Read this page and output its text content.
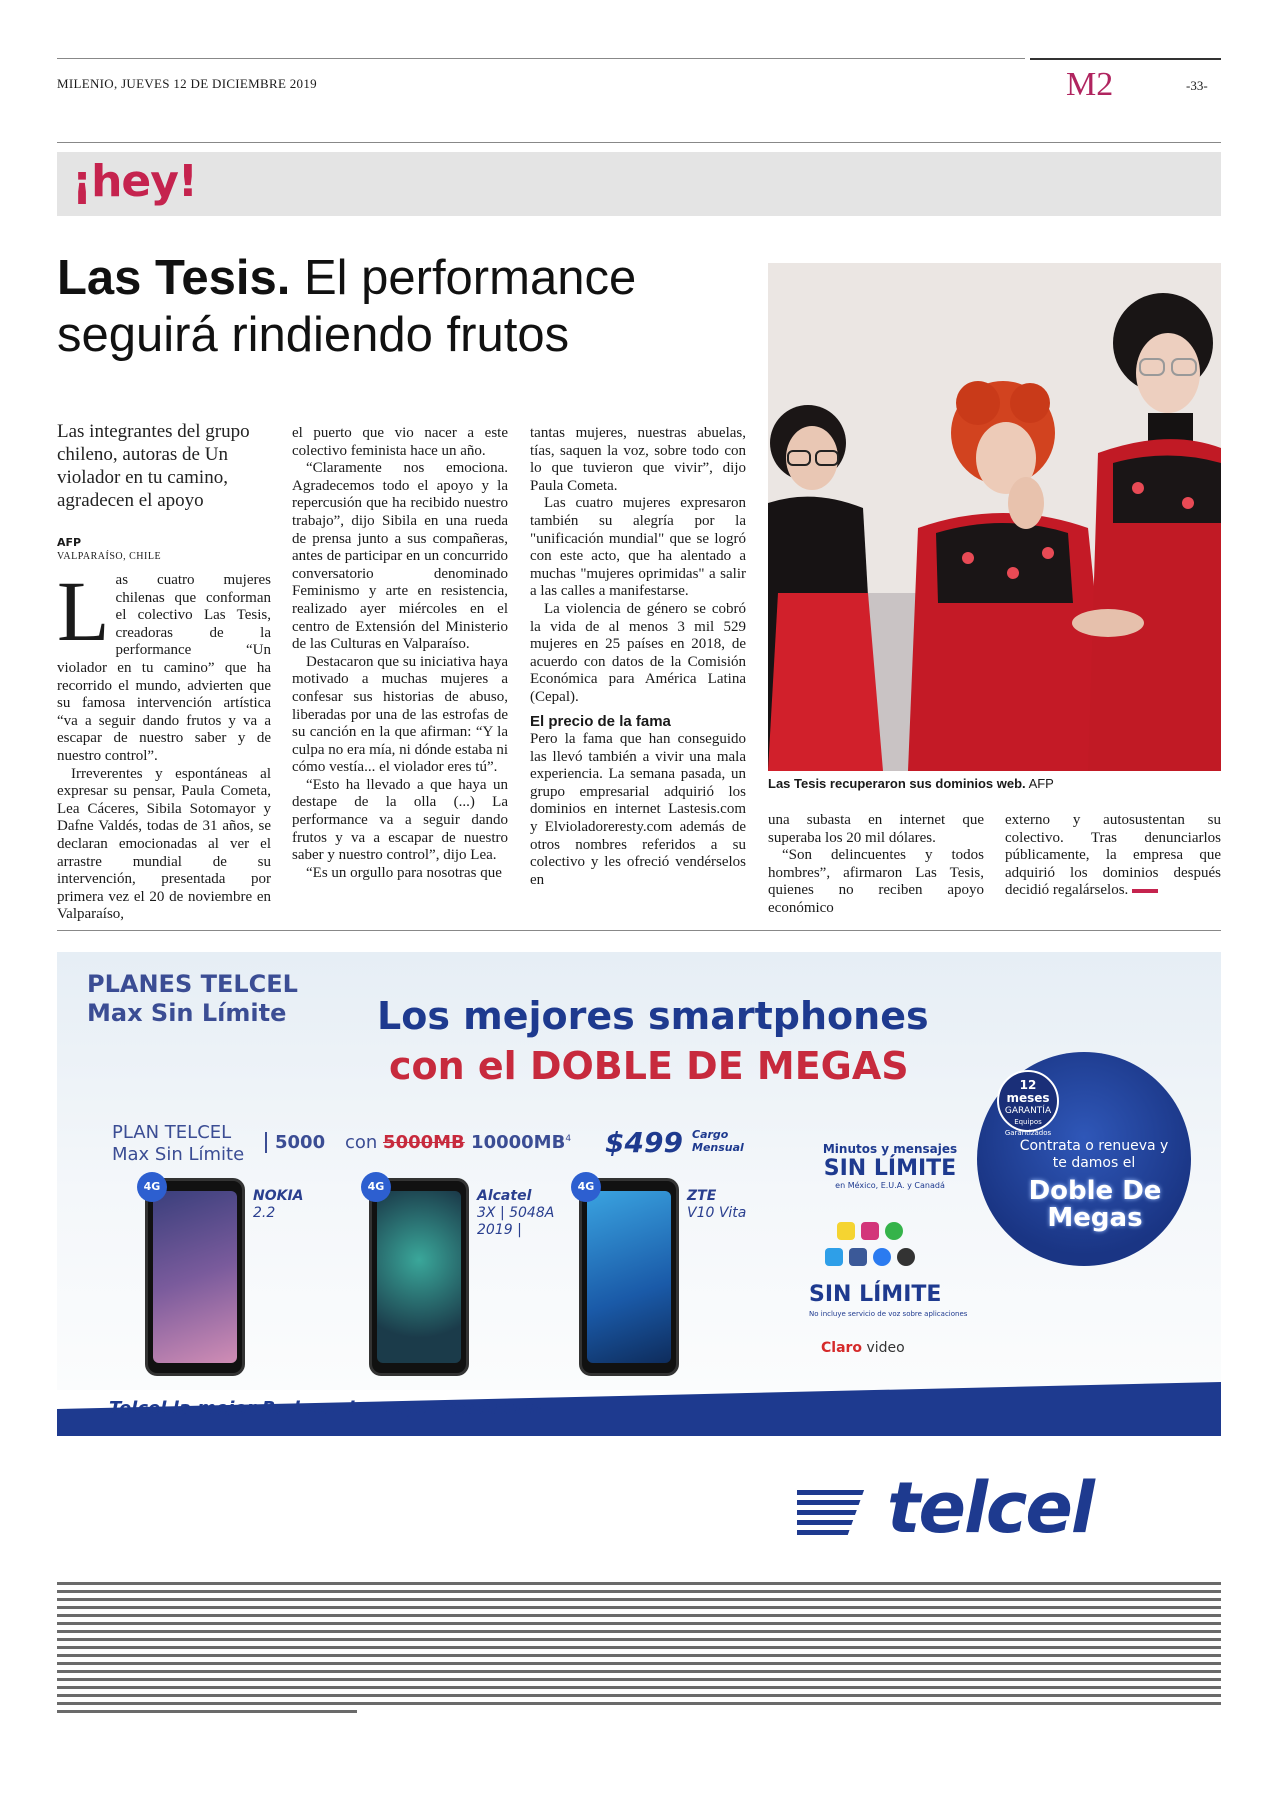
MILENIO, JUEVES 12 DE DICIEMBRE 2019	M2	-33-
¡hey!
Las Tesis. El performance seguirá rindiendo frutos
Las integrantes del grupo chileno, autoras de Un violador en tu camino, agradecen el apoyo
AFP
VALPARAÍSO, CHILE

Las cuatro mujeres chilenas que conforman el colectivo Las Tesis, creadoras de la performance “Un violador en tu camino” que ha recorrido el mundo, advierten que su famosa intervención artística “va a seguir dando frutos y va a escapar de nuestro saber y de nuestro control”.

Irreverentes y espontáneas al expresar su pensar, Paula Cometa, Lea Cáceres, Sibila Sotomayor y Dafne Valdés, todas de 31 años, se declaran emocionadas al ver el arrastre mundial de su intervención, presentada por primera vez el 20 de noviembre en Valparaíso,

el puerto que vio nacer a este colectivo feminista hace un año.

“Claramente nos emociona. Agradecemos todo el apoyo y la repercusión que ha recibido nuestro trabajo”, dijo Sibila en una rueda de prensa junto a sus compañeras, antes de participar en un concurrido conversatorio denominado Feminismo y arte en resistencia, realizado ayer miércoles en el centro de Extensión del Ministerio de las Culturas en Valparaíso.

Destacaron que su iniciativa haya motivado a muchas mujeres a confesar sus historias de abuso, liberadas por una de las estrofas de su canción en la que afirman: “Y la culpa no era mía, ni dónde estaba ni cómo vestía... el violador eres tú”.

“Esto ha llevado a que haya un destape de la olla (...) La performance va a seguir dando frutos y va a escapar de nuestro saber y nuestro control”, dijo Lea.

“Es un orgullo para nosotras que

tantas mujeres, nuestras abuelas, tías, saquen la voz, sobre todo con lo que tuvieron que vivir”, dijo Paula Cometa.

Las cuatro mujeres expresaron también su alegría por la "unificación mundial" que se logró con este acto, que ha alentado a muchas "mujeres oprimidas" a salir a las calles a manifestarse.

La violencia de género se cobró la vida de al menos 3 mil 529 mujeres en 25 países en 2018, de acuerdo con datos de la Comisión Económica para América Latina (Cepal).

El precio de la fama

Pero la fama que han conseguido las llevó también a vivir una mala experiencia. La semana pasada, un grupo empresarial adquirió los dominios en internet Lastesis.com y Elvioladoreresty.com además de otros nombres referidos a su colectivo y les ofreció vendérselos en

una subasta en internet que superaba los 20 mil dólares.

“Son delincuentes y todos hombres”, afirmaron Las Tesis, quienes no reciben apoyo económico

externo y autosustentan su colectivo. Tras denunciarlos públicamente, la empresa que adquirió los dominios después decidió regalárselos.

Las Tesis recuperaron sus dominios web. AFP
PLANES TELCEL
Max Sin Límite	Los mejores smartphones
con el DOBLE DE MEGAS
PLAN TELCEL
Max Sin Límite
5000 con 5000MB $10000MB^4$ $499 Cargo
Mensual
4G
NOKIA
2.2
4G
Alcatel
3X | 5048A 2019 |
4G
ZTE
V10 Vita
Minutos y mensajes
SIN LÍMITE
en México, E.U.A. y Canadá
SIN LÍMITE
No incluye servicio de voz sobre aplicaciones
Claro video
12 meses
GARANTÍA
Equipos Garantizados
Contrata o renueva y te damos el
Doble De Megas
Telcel la mejor Red con la mayor cobertura
telcel
